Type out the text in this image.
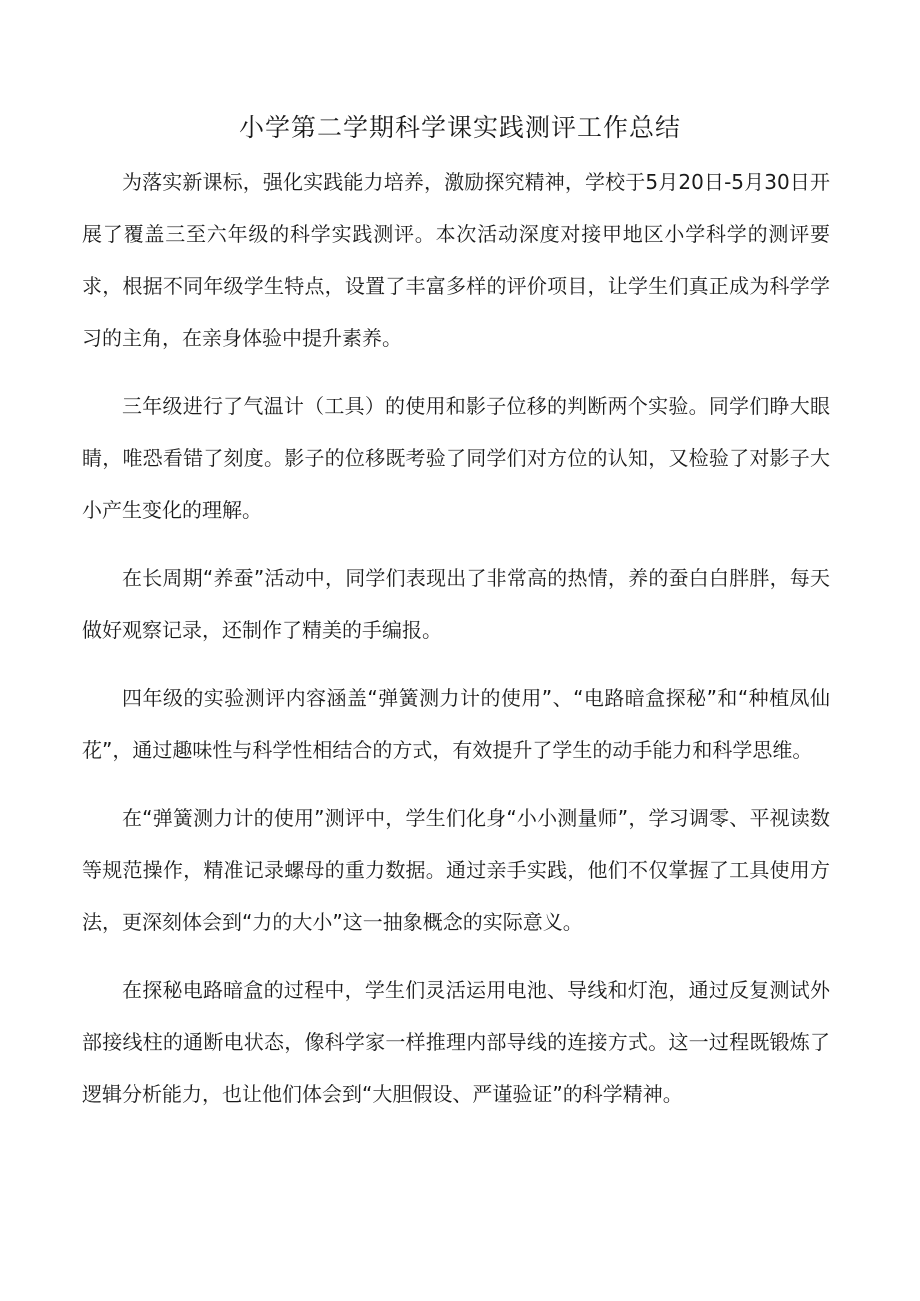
小学第二学期科学课实践测评工作总结

为落实新课标，强化实践能力培养，激励探究精神，学校于5月20日-5月30日开展了覆盖三至六年级的科学实践测评。本次活动深度对接甲地区小学科学的测评要求，根据不同年级学生特点，设置了丰富多样的评价项目，让学生们真正成为科学学习的主角，在亲身体验中提升素养。

三年级进行了气温计（工具）的使用和影子位移的判断两个实验。同学们睁大眼睛，唯恐看错了刻度。影子的位移既考验了同学们对方位的认知，又检验了对影子大小产生变化的理解。

在长周期“养蚕”活动中，同学们表现出了非常高的热情，养的蚕白白胖胖，每天做好观察记录，还制作了精美的手编报。

四年级的实验测评内容涵盖“弹簧测力计的使用”、“电路暗盒探秘”和“种植凤仙花”，通过趣味性与科学性相结合的方式，有效提升了学生的动手能力和科学思维。

在“弹簧测力计的使用”测评中，学生们化身“小小测量师”，学习调零、平视读数等规范操作，精准记录螺母的重力数据。通过亲手实践，他们不仅掌握了工具使用方法，更深刻体会到“力的大小”这一抽象概念的实际意义。

在探秘电路暗盒的过程中，学生们灵活运用电池、导线和灯泡，通过反复测试外部接线柱的通断电状态，像科学家一样推理内部导线的连接方式。这一过程既锻炼了逻辑分析能力，也让他们体会到“大胆假设、严谨验证”的科学精神。
